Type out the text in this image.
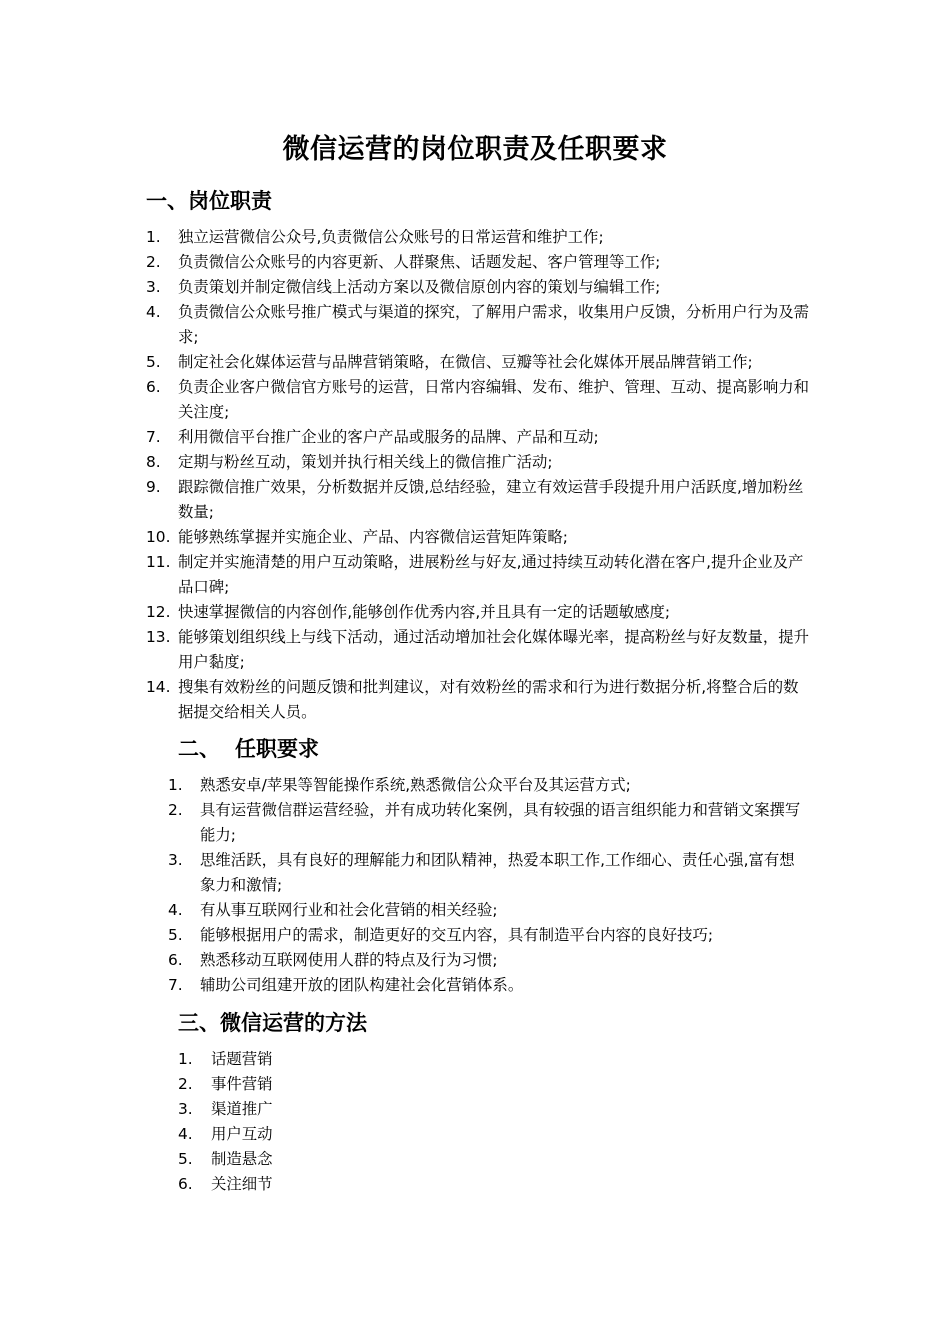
微信运营的岗位职责及任职要求
一、岗位职责
1. 独立运营微信公众号,负责微信公众账号的日常运营和维护工作;
2. 负责微信公众账号的内容更新、人群聚焦、话题发起、客户管理等工作;
3. 负责策划并制定微信线上活动方案以及微信原创内容的策划与编辑工作;
4. 负责微信公众账号推广模式与渠道的探究，了解用户需求，收集用户反馈，分析用户行为及需求;
5. 制定社会化媒体运营与品牌营销策略，在微信、豆瓣等社会化媒体开展品牌营销工作;
6. 负责企业客户微信官方账号的运营，日常内容编辑、发布、维护、管理、互动、提高影响力和关注度;
7. 利用微信平台推广企业的客户产品或服务的品牌、产品和互动;
8. 定期与粉丝互动，策划并执行相关线上的微信推广活动;
9. 跟踪微信推广效果，分析数据并反馈,总结经验，建立有效运营手段提升用户活跃度,增加粉丝数量;
10. 能够熟练掌握并实施企业、产品、内容微信运营矩阵策略;
11. 制定并实施清楚的用户互动策略，进展粉丝与好友,通过持续互动转化潜在客户,提升企业及产品口碑;
12. 快速掌握微信的内容创作,能够创作优秀内容,并且具有一定的话题敏感度;
13. 能够策划组织线上与线下活动，通过活动增加社会化媒体曝光率，提高粉丝与好友数量，提升用户黏度;
14. 搜集有效粉丝的问题反馈和批判建议，对有效粉丝的需求和行为进行数据分析,将整合后的数据提交给相关人员。
二、 任职要求
1. 熟悉安卓/苹果等智能操作系统,熟悉微信公众平台及其运营方式;
2. 具有运营微信群运营经验，并有成功转化案例，具有较强的语言组织能力和营销文案撰写能力;
3. 思维活跃，具有良好的理解能力和团队精神，热爱本职工作,工作细心、责任心强,富有想象力和激情;
4. 有从事互联网行业和社会化营销的相关经验;
5. 能够根据用户的需求，制造更好的交互内容，具有制造平台内容的良好技巧;
6. 熟悉移动互联网使用人群的特点及行为习惯;
7. 辅助公司组建开放的团队构建社会化营销体系。
三、微信运营的方法
1. 话题营销
2. 事件营销
3. 渠道推广
4. 用户互动
5. 制造悬念
6. 关注细节
